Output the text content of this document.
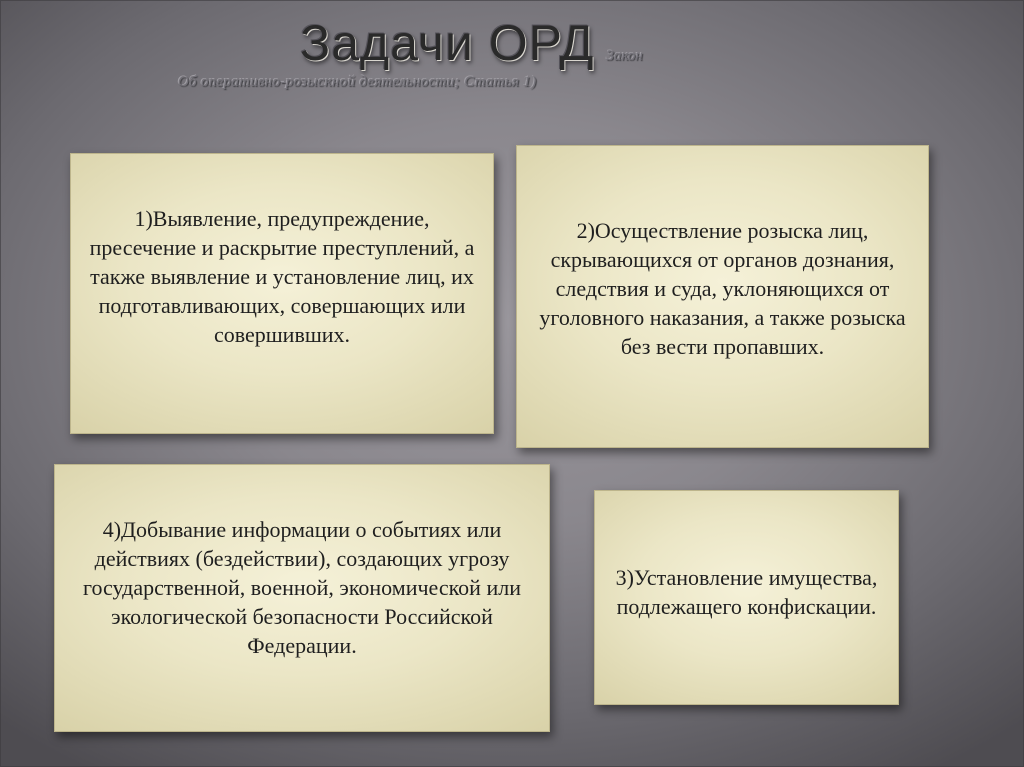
Задачи ОРД Закон
Об оперативно-розыскной деятельности; Статья 1)

1)Выявление, предупреждение, пресечение и раскрытие преступлений, а также выявление и установление лиц, их подготавливающих, совершающих или совершивших.

2)Осуществление розыска лиц, скрывающихся от органов дознания, следствия и суда, уклоняющихся от уголовного наказания, а также розыска без вести пропавших.

4)Добывание информации о событиях или действиях (бездействии), создающих угрозу государственной, военной, экономической или экологической безопасности Российской Федерации.

3)Установление имущества, подлежащего конфискации.
